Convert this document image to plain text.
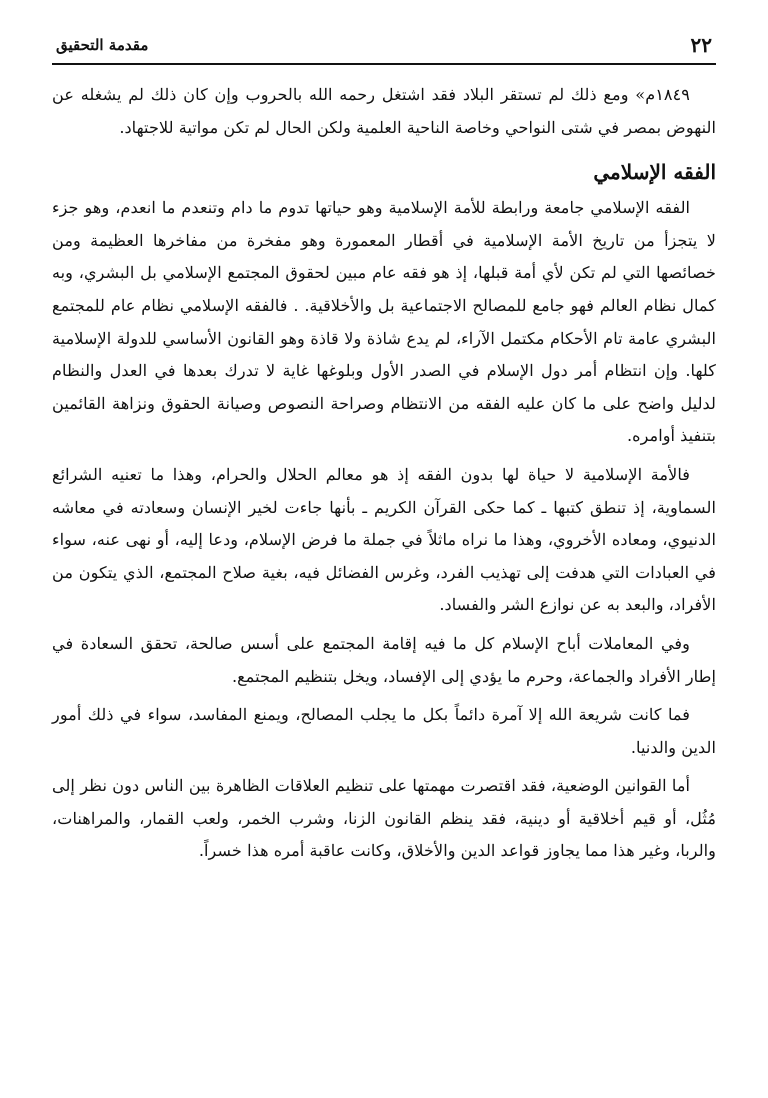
٢٢
مقدمة التحقيق

١٨٤٩م» ومع ذلك لم تستقر البلاد فقد اشتغل رحمه الله بالحروب وإن كان ذلك لم يشغله عن النهوض بمصر في شتى النواحي وخاصة الناحية العلمية ولكن الحال لم تكن مواتية للاجتهاد.

الفقه الإسلامي

الفقه الإسلامي جامعة ورابطة للأمة الإسلامية وهو حياتها تدوم ما دام وتنعدم ما انعدم، وهو جزء لا يتجزأ من تاريخ الأمة الإسلامية في أقطار المعمورة وهو مفخرة من مفاخرها العظيمة ومن خصائصها التي لم تكن لأي أمة قبلها، إذ هو فقه عام مبين لحقوق المجتمع الإسلامي بل البشري، وبه كمال نظام العالم فهو جامع للمصالح الاجتماعية بل والأخلاقية. . فالفقه الإسلامي نظام عام للمجتمع البشري عامة تام الأحكام مكتمل الآراء، لم يدع شاذة ولا قاذة وهو القانون الأساسي للدولة الإسلامية كلها. وإن انتظام أمر دول الإسلام في الصدر الأول وبلوغها غاية لا تدرك بعدها في العدل والنظام لدليل واضح على ما كان عليه الفقه من الانتظام وصراحة النصوص وصيانة الحقوق ونزاهة القائمين بتنفيذ أوامره.

فالأمة الإسلامية لا حياة لها بدون الفقه إذ هو معالم الحلال والحرام، وهذا ما تعنيه الشرائع السماوية، إذ تنطق كتبها ـ كما حكى القرآن الكريم ـ بأنها جاءت لخير الإنسان وسعادته في معاشه الدنيوي، ومعاده الأخروي، وهذا ما نراه ماثلاً في جملة ما فرض الإسلام، ودعا إليه، أو نهى عنه، سواء في العبادات التي هدفت إلى تهذيب الفرد، وغرس الفضائل فيه، بغية صلاح المجتمع، الذي يتكون من الأفراد، والبعد به عن نوازع الشر والفساد.

وفي المعاملات أباح الإسلام كل ما فيه إقامة المجتمع على أسس صالحة، تحقق السعادة في إطار الأفراد والجماعة، وحرم ما يؤدي إلى الإفساد، ويخل بتنظيم المجتمع.

فما كانت شريعة الله إلا آمرة دائماً بكل ما يجلب المصالح، ويمنع المفاسد، سواء في ذلك أمور الدين والدنيا.

أما القوانين الوضعية، فقد اقتصرت مهمتها على تنظيم العلاقات الظاهرة بين الناس دون نظر إلى مُثُل، أو قيم أخلاقية أو دينية، فقد ينظم القانون الزنا، وشرب الخمر، ولعب القمار، والمراهنات، والربا، وغير هذا مما يجاوز قواعد الدين والأخلاق، وكانت عاقبة أمره هذا خسراً.
